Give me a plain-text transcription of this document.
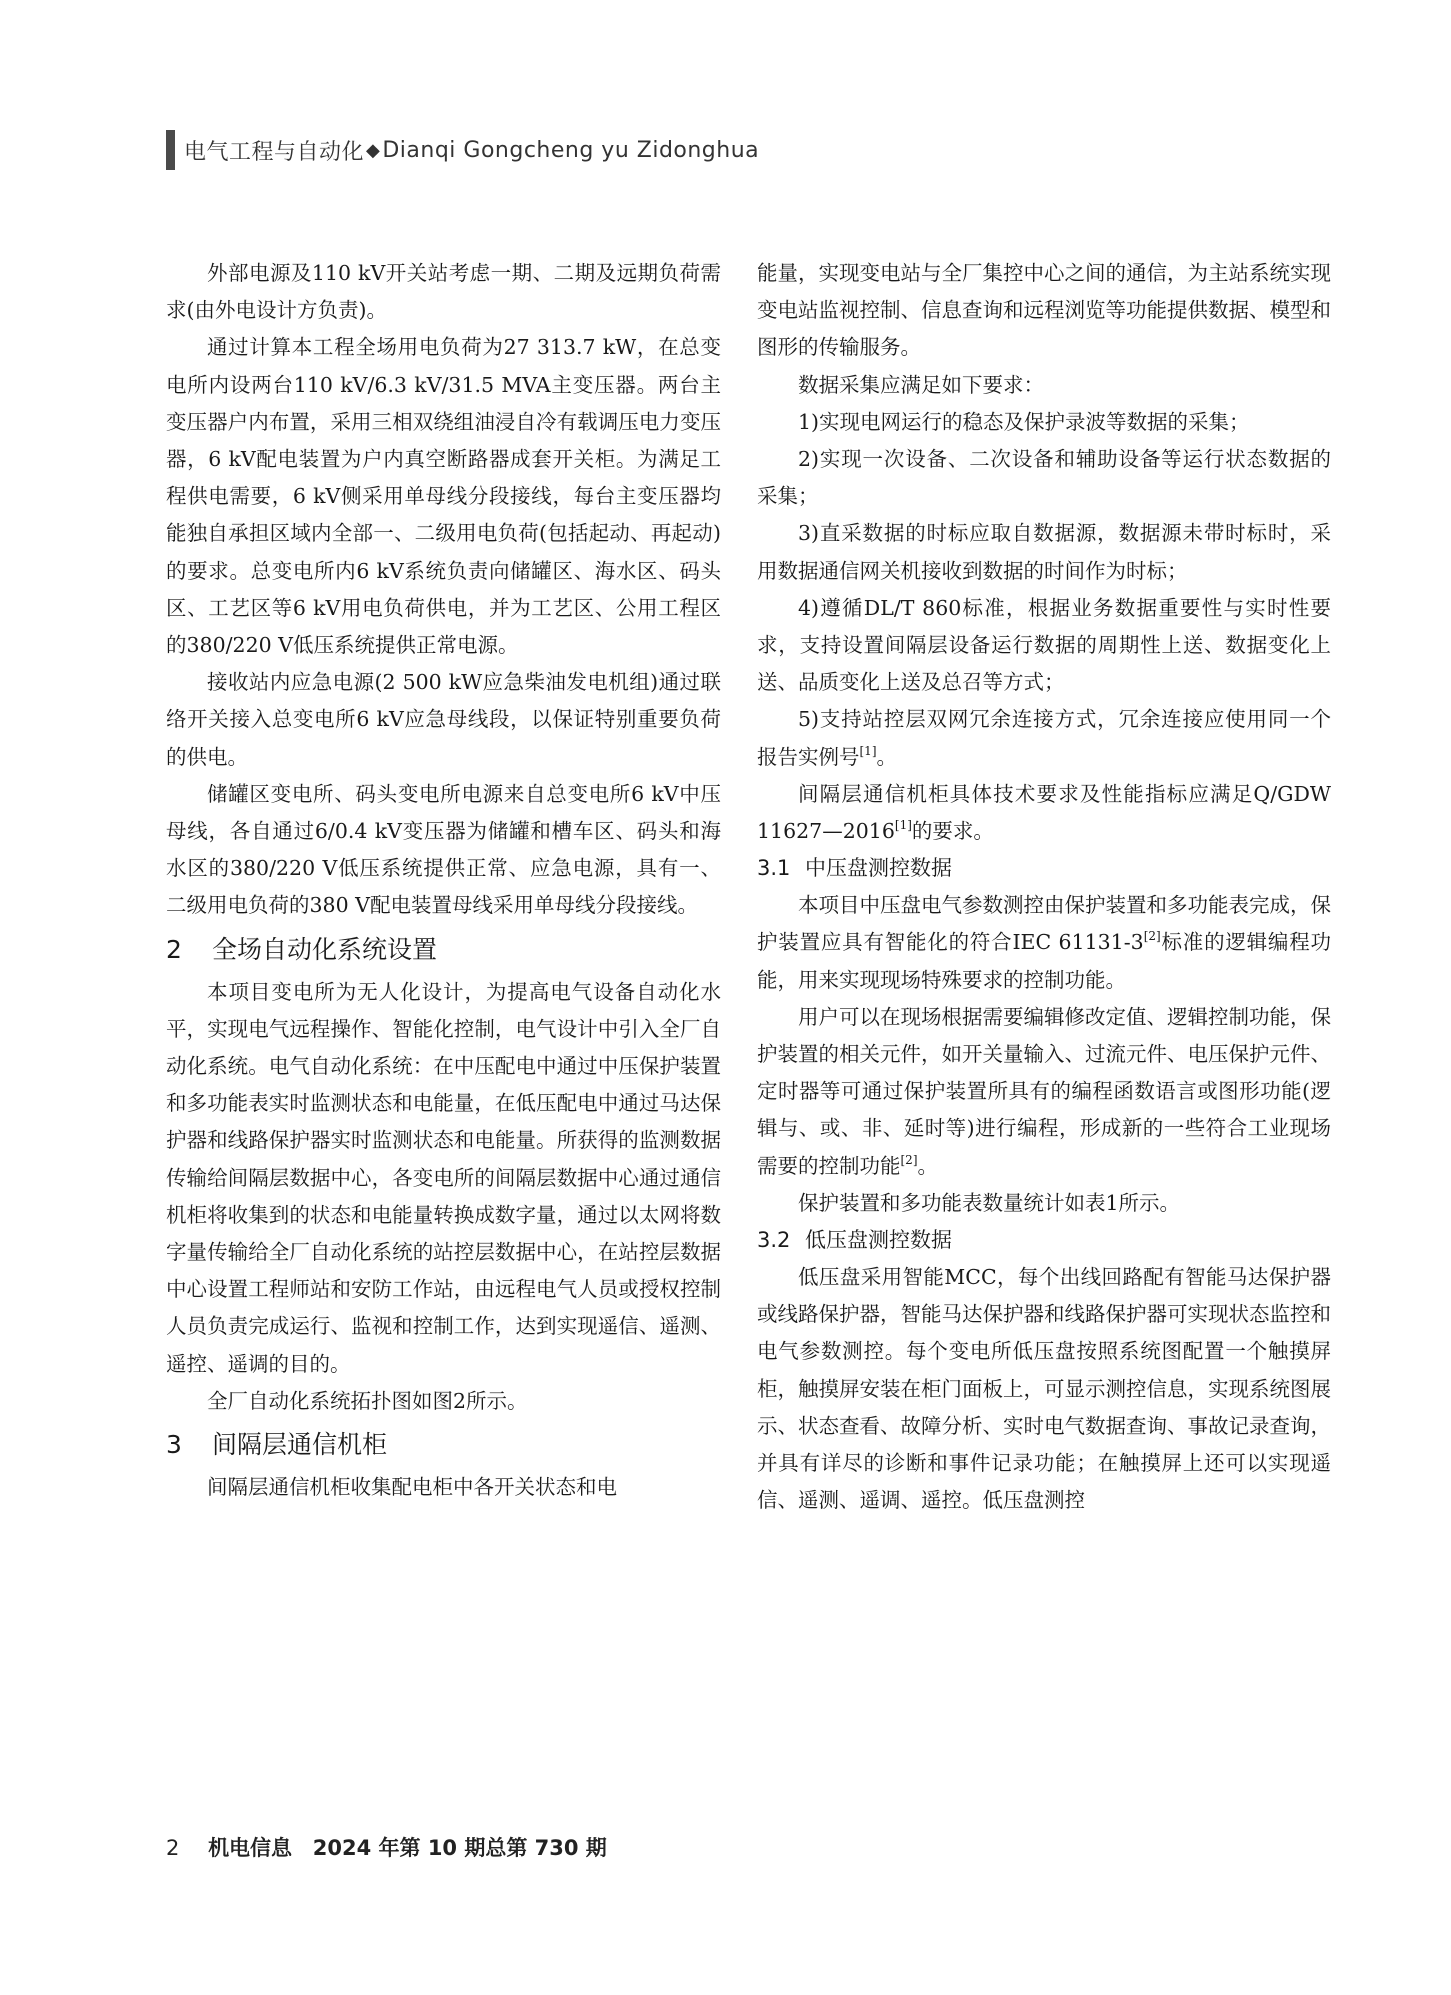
电气工程与自动化 ◆ Dianqi Gongcheng yu Zidonghua

外部电源及110 kV开关站考虑一期、二期及远期负荷需求(由外电设计方负责)。

通过计算本工程全场用电负荷为27 313.7 kW，在总变电所内设两台110 kV/6.3 kV/31.5 MVA主变压器。两台主变压器户内布置，采用三相双绕组油浸自冷有载调压电力变压器，6 kV配电装置为户内真空断路器成套开关柜。为满足工程供电需要，6 kV侧采用单母线分段接线，每台主变压器均能独自承担区域内全部一、二级用电负荷(包括起动、再起动)的要求。总变电所内6 kV系统负责向储罐区、海水区、码头区、工艺区等6 kV用电负荷供电，并为工艺区、公用工程区的380/220 V低压系统提供正常电源。

接收站内应急电源(2 500 kW应急柴油发电机组)通过联络开关接入总变电所6 kV应急母线段，以保证特别重要负荷的供电。

储罐区变电所、码头变电所电源来自总变电所6 kV中压母线，各自通过6/0.4 kV变压器为储罐和槽车区、码头和海水区的380/220 V低压系统提供正常、应急电源，具有一、二级用电负荷的380 V配电装置母线采用单母线分段接线。

2 全场自动化系统设置

本项目变电所为无人化设计，为提高电气设备自动化水平，实现电气远程操作、智能化控制，电气设计中引入全厂自动化系统。电气自动化系统：在中压配电中通过中压保护装置和多功能表实时监测状态和电能量，在低压配电中通过马达保护器和线路保护器实时监测状态和电能量。所获得的监测数据传输给间隔层数据中心，各变电所的间隔层数据中心通过通信机柜将收集到的状态和电能量转换成数字量，通过以太网将数字量传输给全厂自动化系统的站控层数据中心，在站控层数据中心设置工程师站和安防工作站，由远程电气人员或授权控制人员负责完成运行、监视和控制工作，达到实现遥信、遥测、遥控、遥调的目的。

全厂自动化系统拓扑图如图2所示。

3 间隔层通信机柜

间隔层通信机柜收集配电柜中各开关状态和电

能量，实现变电站与全厂集控中心之间的通信，为主站系统实现变电站监视控制、信息查询和远程浏览等功能提供数据、模型和图形的传输服务。

数据采集应满足如下要求：

1)实现电网运行的稳态及保护录波等数据的采集；

2)实现一次设备、二次设备和辅助设备等运行状态数据的采集；

3)直采数据的时标应取自数据源，数据源未带时标时，采用数据通信网关机接收到数据的时间作为时标；

4)遵循DL/T 860标准，根据业务数据重要性与实时性要求，支持设置间隔层设备运行数据的周期性上送、数据变化上送、品质变化上送及总召等方式；

5)支持站控层双网冗余连接方式，冗余连接应使用同一个报告实例号[1]。

间隔层通信机柜具体技术要求及性能指标应满足Q/GDW 11627—2016[1]的要求。

3.1 中压盘测控数据

本项目中压盘电气参数测控由保护装置和多功能表完成，保护装置应具有智能化的符合IEC 61131-3[2]标准的逻辑编程功能，用来实现现场特殊要求的控制功能。

用户可以在现场根据需要编辑修改定值、逻辑控制功能，保护装置的相关元件，如开关量输入、过流元件、电压保护元件、定时器等可通过保护装置所具有的编程函数语言或图形功能(逻辑与、或、非、延时等)进行编程，形成新的一些符合工业现场需要的控制功能[2]。

保护装置和多功能表数量统计如表1所示。

3.2 低压盘测控数据

低压盘采用智能MCC，每个出线回路配有智能马达保护器或线路保护器，智能马达保护器和线路保护器可实现状态监控和电气参数测控。每个变电所低压盘按照系统图配置一个触摸屏柜，触摸屏安装在柜门面板上，可显示测控信息，实现系统图展示、状态查看、故障分析、实时电气数据查询、事故记录查询，并具有详尽的诊断和事件记录功能；在触摸屏上还可以实现遥信、遥测、遥调、遥控。低压盘测控

2 机电信息 2024 年第 10 期总第 730 期
